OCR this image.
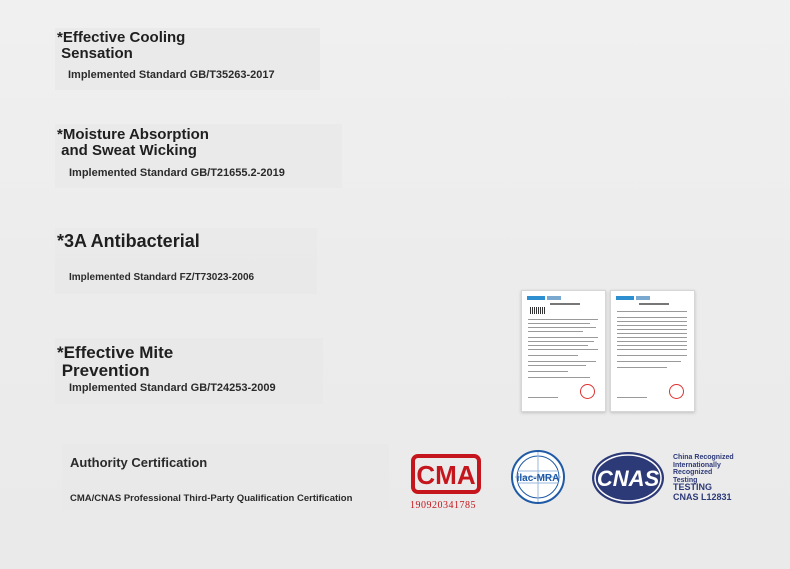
*Effective Cooling
Sensation
Implemented Standard GB/T35263-2017
*Moisture Absorption
and Sweat Wicking
Implemented Standard GB/T21655.2-2019
*3A Antibacterial
Implemented Standard FZ/T73023-2006
*Effective Mite
Prevention
Implemented Standard GB/T24253-2009
Authority Certification
CMA/CNAS Professional Third-Party Qualification Certification
CMA
190920341785
ilac-MRA CNAS
China Recognized
Internationally
Recognized
Testing
TESTING
CNAS L12831
